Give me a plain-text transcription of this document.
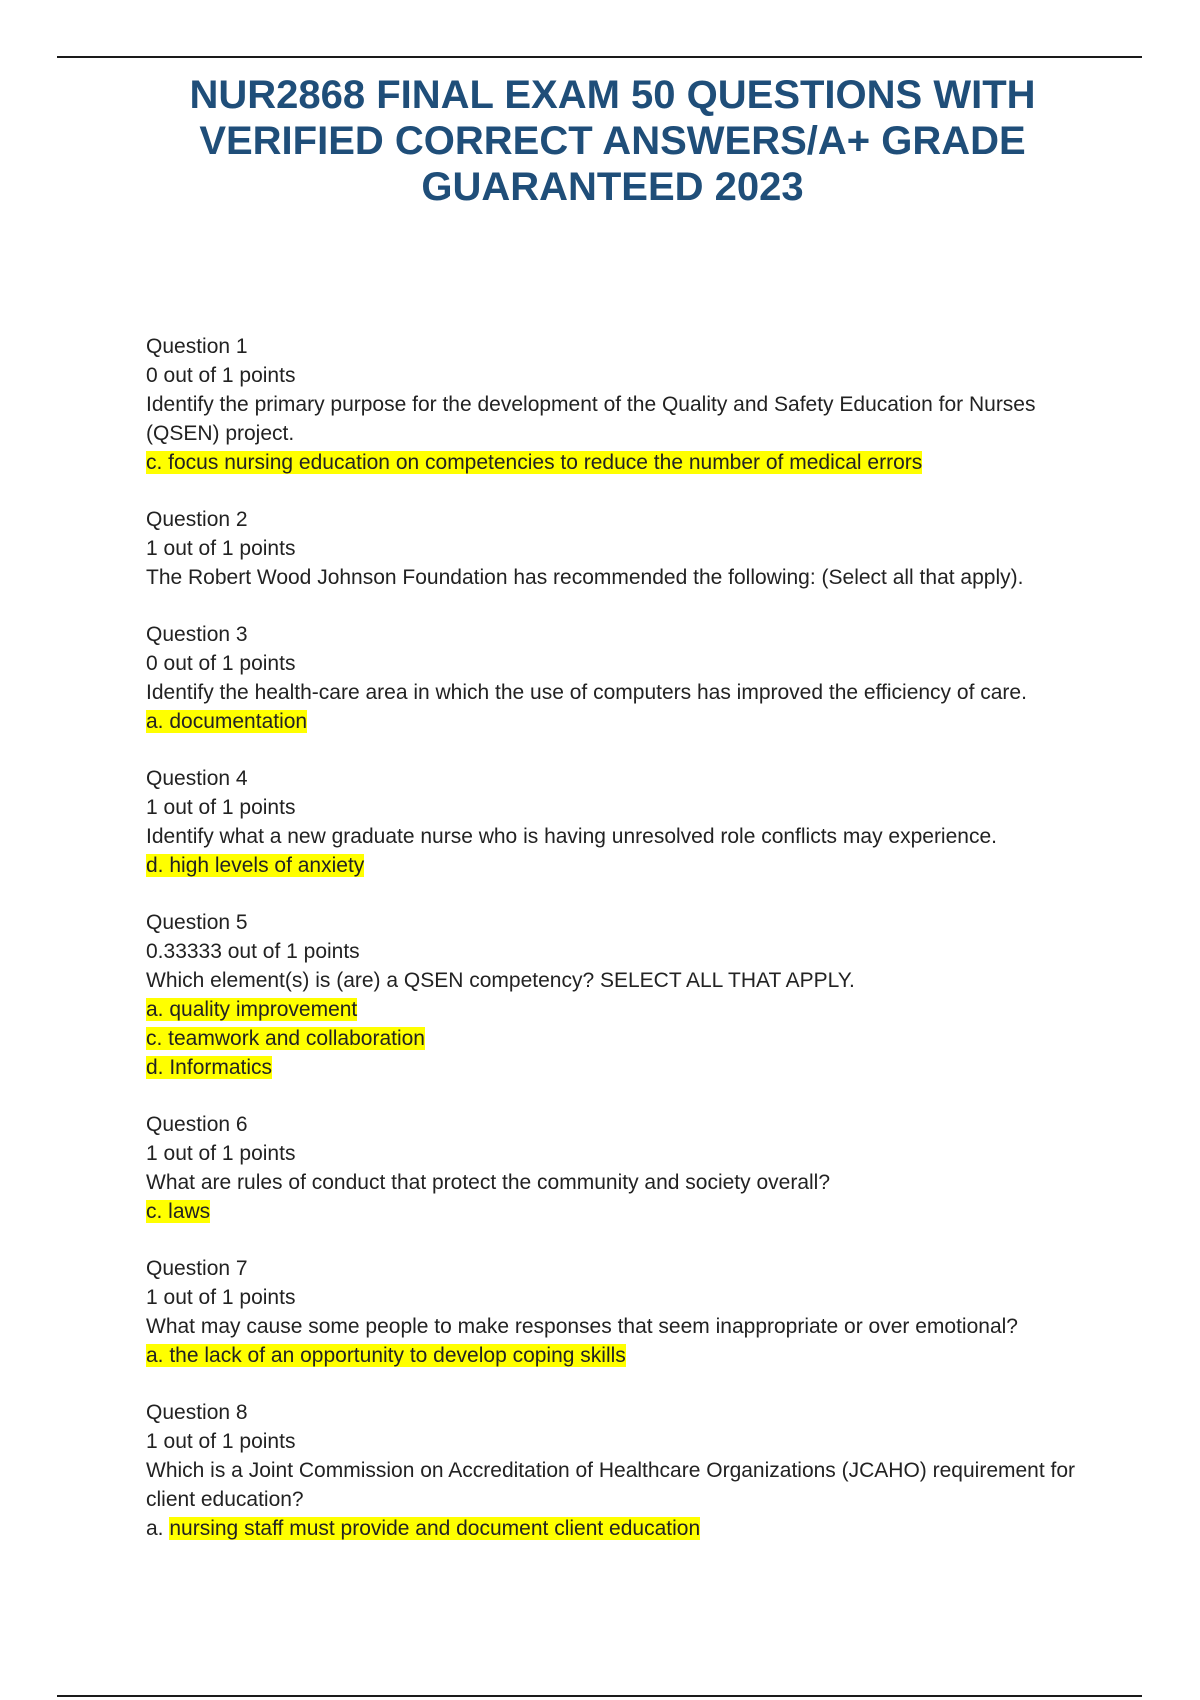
NUR2868 FINAL EXAM 50 QUESTIONS WITH VERIFIED CORRECT ANSWERS/A+ GRADE GUARANTEED 2023

Question 1

0 out of 1 points

Identify the primary purpose for the development of the Quality and Safety Education for Nurses (QSEN) project.

c. focus nursing education on competencies to reduce the number of medical errors

Question 2

1 out of 1 points

The Robert Wood Johnson Foundation has recommended the following: (Select all that apply).

Question 3

0 out of 1 points

Identify the health-care area in which the use of computers has improved the efficiency of care.

a. documentation

Question 4

1 out of 1 points

Identify what a new graduate nurse who is having unresolved role conflicts may experience.

d. high levels of anxiety

Question 5

0.33333 out of 1 points

Which element(s) is (are) a QSEN competency? SELECT ALL THAT APPLY.

a. quality improvement
c. teamwork and collaboration
d. Informatics

Question 6

1 out of 1 points

What are rules of conduct that protect the community and society overall?

c. laws

Question 7

1 out of 1 points

What may cause some people to make responses that seem inappropriate or over emotional?

a. the lack of an opportunity to develop coping skills

Question 8

1 out of 1 points

Which is a Joint Commission on Accreditation of Healthcare Organizations (JCAHO) requirement for client education?

a. nursing staff must provide and document client education
